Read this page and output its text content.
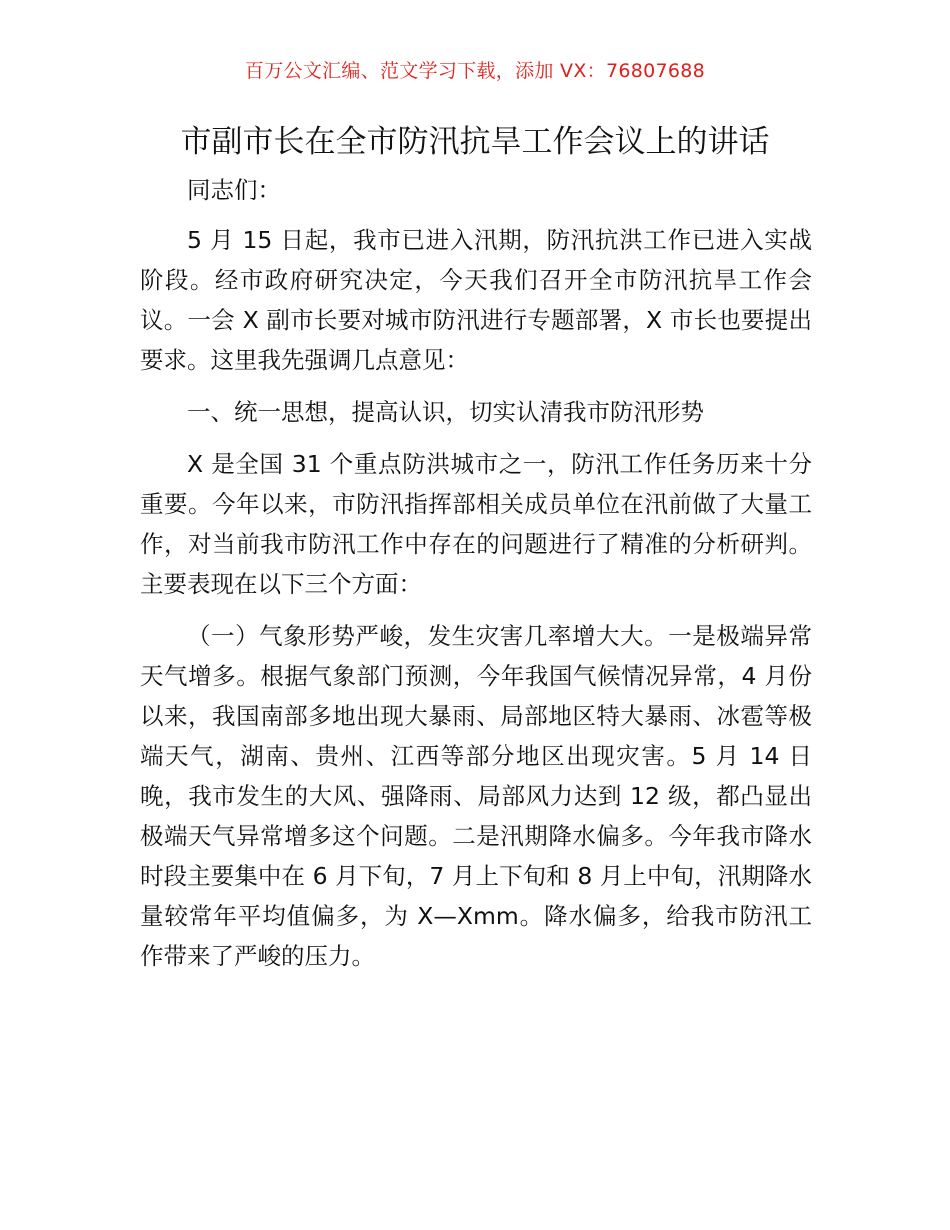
百万公文汇编、范文学习下载，添加 VX：76807688
市副市长在全市防汛抗旱工作会议上的讲话

同志们：

5 月 15 日起，我市已进入汛期，防汛抗洪工作已进入实战阶段。经市政府研究决定，今天我们召开全市防汛抗旱工作会议。一会 X 副市长要对城市防汛进行专题部署，X 市长也要提出要求。这里我先强调几点意见：

一、统一思想，提高认识，切实认清我市防汛形势

X 是全国 31 个重点防洪城市之一，防汛工作任务历来十分重要。今年以来，市防汛指挥部相关成员单位在汛前做了大量工作，对当前我市防汛工作中存在的问题进行了精准的分析研判。主要表现在以下三个方面：

（一）气象形势严峻，发生灾害几率增大大。一是极端异常天气增多。根据气象部门预测，今年我国气候情况异常，4 月份以来，我国南部多地出现大暴雨、局部地区特大暴雨、冰雹等极端天气，湖南、贵州、江西等部分地区出现灾害。5 月 14 日晚，我市发生的大风、强降雨、局部风力达到 12 级，都凸显出极端天气异常增多这个问题。二是汛期降水偏多。今年我市降水时段主要集中在 6 月下旬，7 月上下旬和 8 月上中旬，汛期降水量较常年平均值偏多，为 X—Xmm。降水偏多，给我市防汛工作带来了严峻的压力。
